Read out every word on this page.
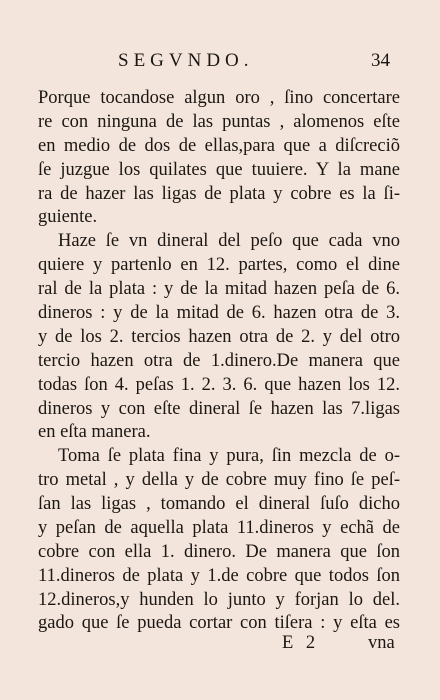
SEGVNDO.	34
Porque tocandose algun oro , ſino concertare
re con ninguna de las puntas , alomenos eſte
en medio de dos de ellas,para que a diſcreciõ
ſe juzgue los quilates que tuuiere. Y la mane
ra de hazer las ligas de plata y cobre es la ſi-
guiente.
Haze ſe vn dineral del peſo que cada vno
quiere y partenlo en 12. partes, como el dine
ral de la plata : y de la mitad hazen peſa de 6.
dineros : y de la mitad de 6. hazen otra de 3.
y de los 2. tercios hazen otra de 2. y del otro
tercio hazen otra de 1.dinero.De manera que
todas ſon 4. peſas 1. 2. 3. 6. que hazen los 12.
dineros y con eſte dineral ſe hazen las 7.ligas
en eſta manera.
Toma ſe plata fina y pura, ſin mezcla de o-
tro metal , y della y de cobre muy fino ſe peſ-
ſan las ligas , tomando el dineral ſuſo dicho
y peſan de aquella plata 11.dineros y echã de
cobre con ella 1. dinero. De manera que ſon
11.dineros de plata y 1.de cobre que todos ſon
12.dineros,y hunden lo junto y forjan lo del.
gado que ſe pueda cortar con tiſera : y eſta es
E 2	vna
